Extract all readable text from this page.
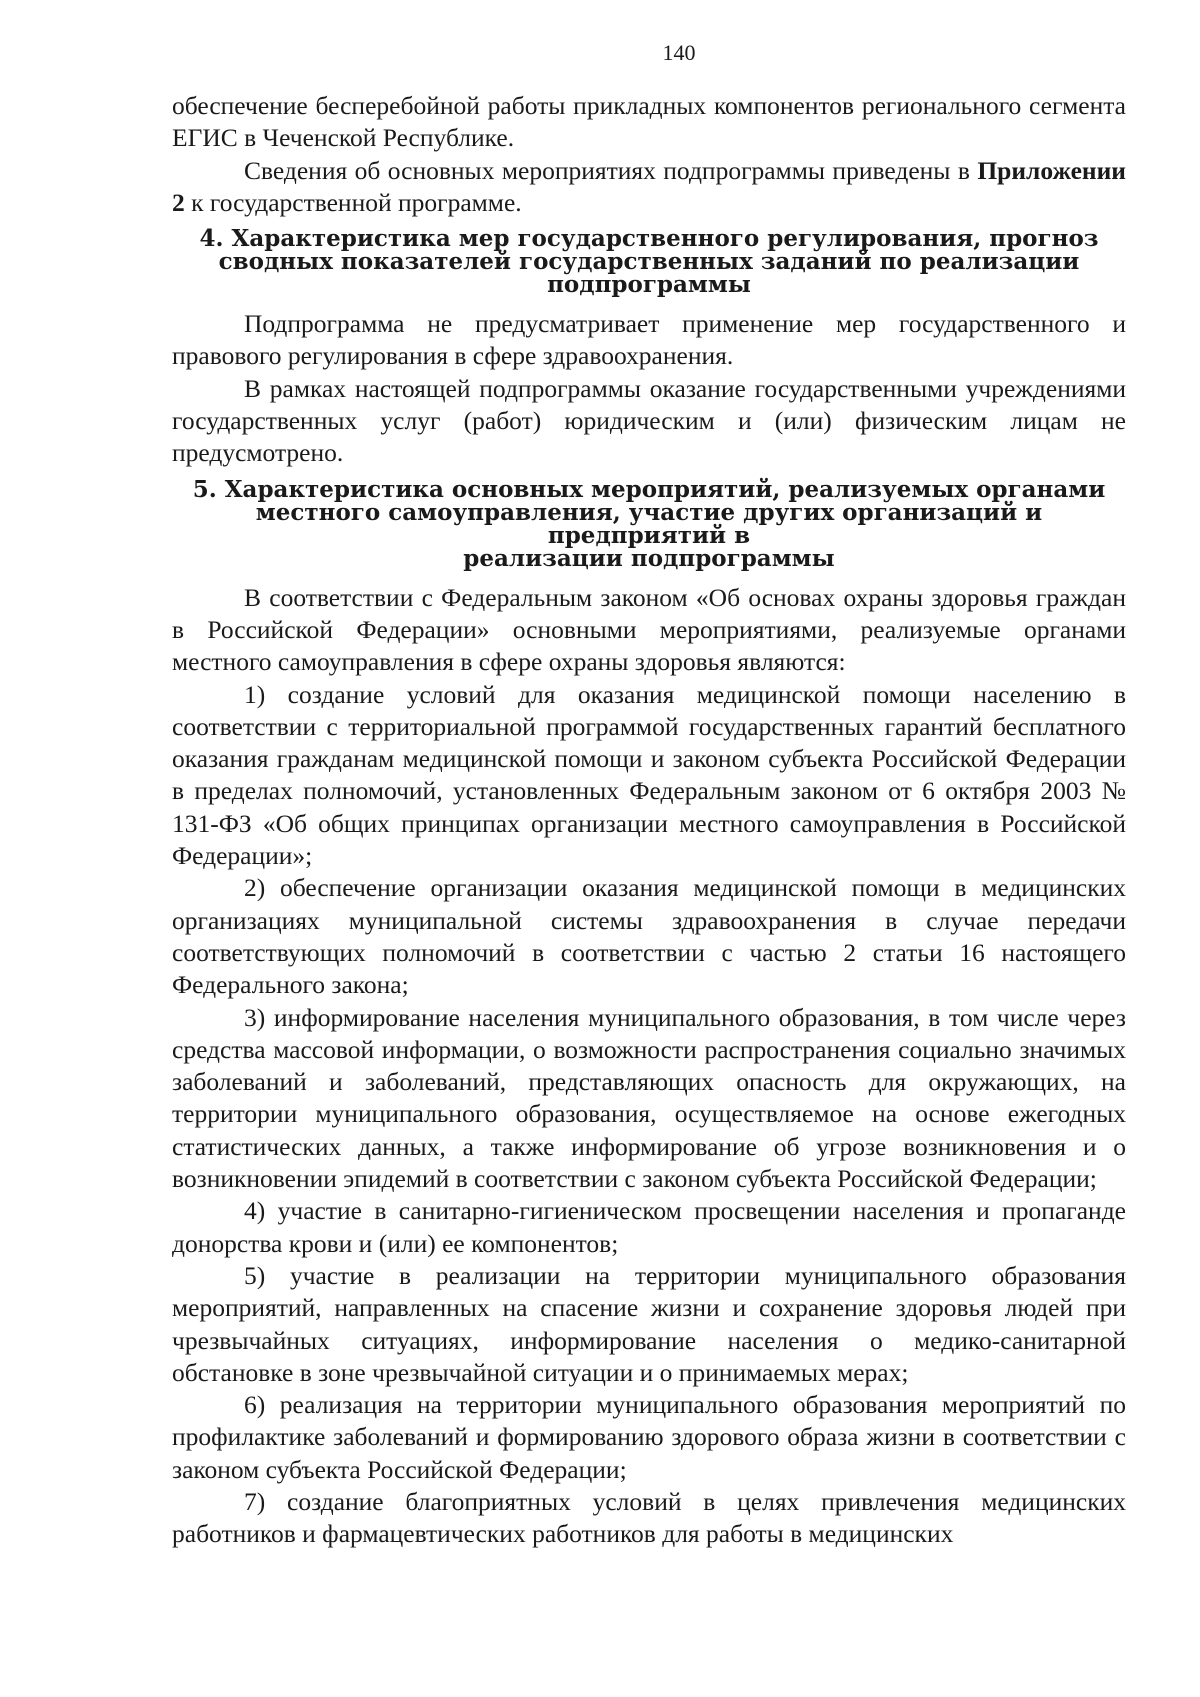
140

обеспечение бесперебойной работы прикладных компонентов регионального сегмента ЕГИС в Чеченской Республике.

Сведения об основных мероприятиях подпрограммы приведены в Приложении 2 к государственной программе.

4. Характеристика мер государственного регулирования, прогноз
сводных показателей государственных заданий по реализации
подпрограммы

Подпрограмма не предусматривает применение мер государственного и правового регулирования в сфере здравоохранения.

В рамках настоящей подпрограммы оказание государственными учреждениями государственных услуг (работ) юридическим и (или) физическим лицам не предусмотрено.

5. Характеристика основных мероприятий, реализуемых органами
местного самоуправления, участие других организаций и предприятий в
реализации подпрограммы

В соответствии с Федеральным законом «Об основах охраны здоровья граждан в Российской Федерации» основными мероприятиями, реализуемые органами местного самоуправления в сфере охраны здоровья являются:

1) создание условий для оказания медицинской помощи населению в соответствии с территориальной программой государственных гарантий бесплатного оказания гражданам медицинской помощи и законом субъекта Российской Федерации в пределах полномочий, установленных Федеральным законом от 6 октября 2003 № 131-ФЗ «Об общих принципах организации местного самоуправления в Российской Федерации»;

2) обеспечение организации оказания медицинской помощи в медицинских организациях муниципальной системы здравоохранения в случае передачи соответствующих полномочий в соответствии с частью 2 статьи 16 настоящего Федерального закона;

3) информирование населения муниципального образования, в том числе через средства массовой информации, о возможности распространения социально значимых заболеваний и заболеваний, представляющих опасность для окружающих, на территории муниципального образования, осуществляемое на основе ежегодных статистических данных, а также информирование об угрозе возникновения и о возникновении эпидемий в соответствии с законом субъекта Российской Федерации;

4) участие в санитарно-гигиеническом просвещении населения и пропаганде донорства крови и (или) ее компонентов;

5) участие в реализации на территории муниципального образования мероприятий, направленных на спасение жизни и сохранение здоровья людей при чрезвычайных ситуациях, информирование населения о медико-санитарной обстановке в зоне чрезвычайной ситуации и о принимаемых мерах;

6) реализация на территории муниципального образования мероприятий по профилактике заболеваний и формированию здорового образа жизни в соответствии с законом субъекта Российской Федерации;

7) создание благоприятных условий в целях привлечения медицинских работников и фармацевтических работников для работы в медицинских
